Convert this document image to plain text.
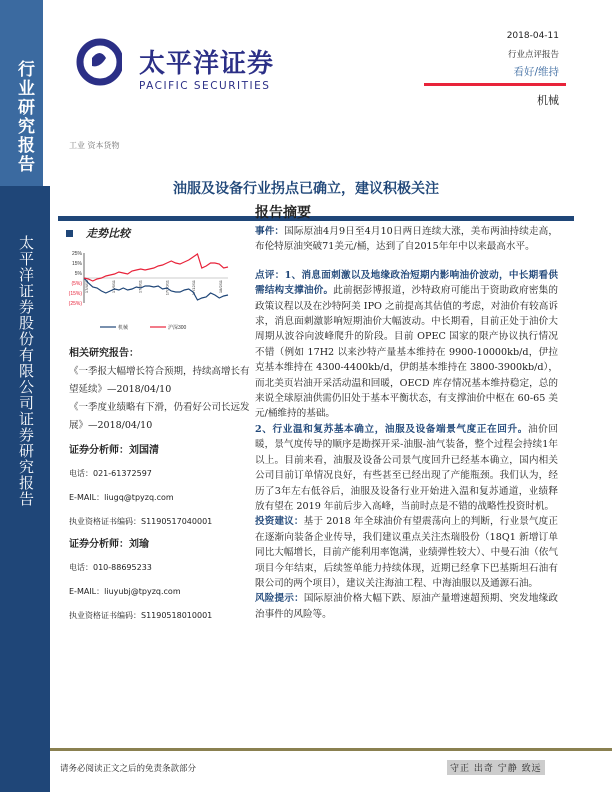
行业研究报告
太平洋证券股份有限公司证券研究报告
太平洋证券
PACIFIC SECURITIES
2018-04-11
行业点评报告
看好/维持
机械
工业 资本货物
油服及设备行业拐点已确立，建议积极关注
走势比较
25%
15%
5%
(5%)
(15%)
(25%)
17/4/11	17/6/11	17/8/11	17/10/11	17/12/11	18/2/11
机械	沪深300
相关研究报告：
《一季报大幅增长符合预期，持续高增长有望延续》—2018/04/10
《一季度业绩略有下滑，仍看好公司长远发展》—2018/04/10
证券分析师：刘国清
电话：021-61372597
E-MAIL：liugq@tpyzq.com
执业资格证书编码：S1190517040001
证券分析师：刘瑜
电话：010-88695233
E-MAIL：liuyubj@tpyzq.com
执业资格证书编码：S1190518010001
报告摘要

事件：国际原油4月9日至4月10日两日连续大涨，美布两油持续走高，布伦特原油突破71美元/桶，达到了自2015年年中以来最高水平。

点评：1、消息面刺激以及地缘政治短期内影响油价波动，中长期看供需结构支撑油价。此前据彭博报道，沙特政府可能出于资助政府密集的政策议程以及在沙特阿美 IPO 之前提高其估值的考虑，对油价有较高诉求，消息面刺激影响短期油价大幅波动。中长期看，目前正处于油价大周期从波谷向波峰爬升的阶段。目前 OPEC 国家的限产协议执行情况不错（例如 17H2 以来沙特产量基本维持在 9900-10000kb/d，伊拉克基本维持在 4300-4400kb/d，伊朗基本维持在 3800-3900kb/d），而北美页岩油开采活动温和回暖，OECD 库存情况基本维持稳定，总的来说全球原油供需仍旧处于基本平衡状态，有支撑油价中枢在 60-65 美元/桶维持的基础。

2、行业温和复苏基本确立，油服及设备端景气度正在回升。油价回暖，景气度传导的顺序是勘探开采-油服-油气装备，整个过程会持续1年以上。目前来看，油服及设备公司景气度回升已经基本确立，国内相关公司目前订单情况良好，有些甚至已经出现了产能瓶颈。我们认为，经历了3年左右低谷后，油服及设备行业开始进入温和复苏通道，业绩释放有望在 2019 年前后步入高峰，当前时点是不错的战略性投资时机。

投资建议：基于 2018 年全球油价有望震荡向上的判断，行业景气度正在逐渐向装备企业传导，我们建议重点关注杰瑞股份（18Q1 新增订单同比大幅增长，目前产能利用率饱满，业绩弹性较大）、中曼石油（依气项目今年结束，后续签单能力持续体现，近期已经拿下巴基斯坦石油有限公司的两个项目），建议关注海油工程、中海油服以及通源石油。

风险提示：国际原油价格大幅下跌、原油产量增速超预期、突发地缘政治事件的风险等。

请务必阅读正文之后的免责条款部分	守正 出奇 宁静 致远
